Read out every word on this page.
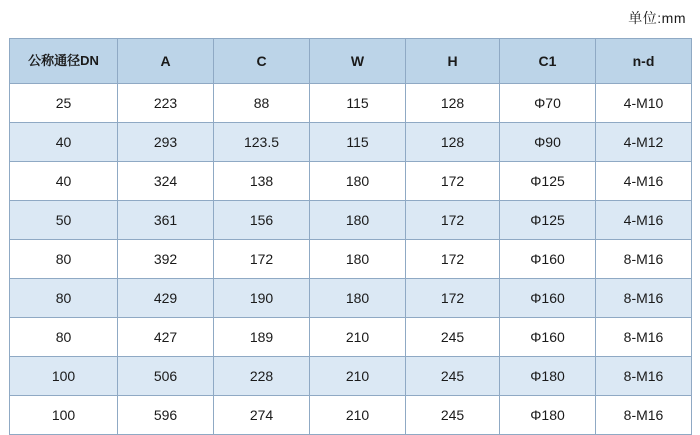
单位:mm
公称通径DN	A	C	W	H	C1	n-d
25	223	88	115	128	Φ70	4-M10
40	293	123.5	115	128	Φ90	4-M12
40	324	138	180	172	Φ125	4-M16
50	361	156	180	172	Φ125	4-M16
80	392	172	180	172	Φ160	8-M16
80	429	190	180	172	Φ160	8-M16
80	427	189	210	245	Φ160	8-M16
100	506	228	210	245	Φ180	8-M16
100	596	274	210	245	Φ180	8-M16
